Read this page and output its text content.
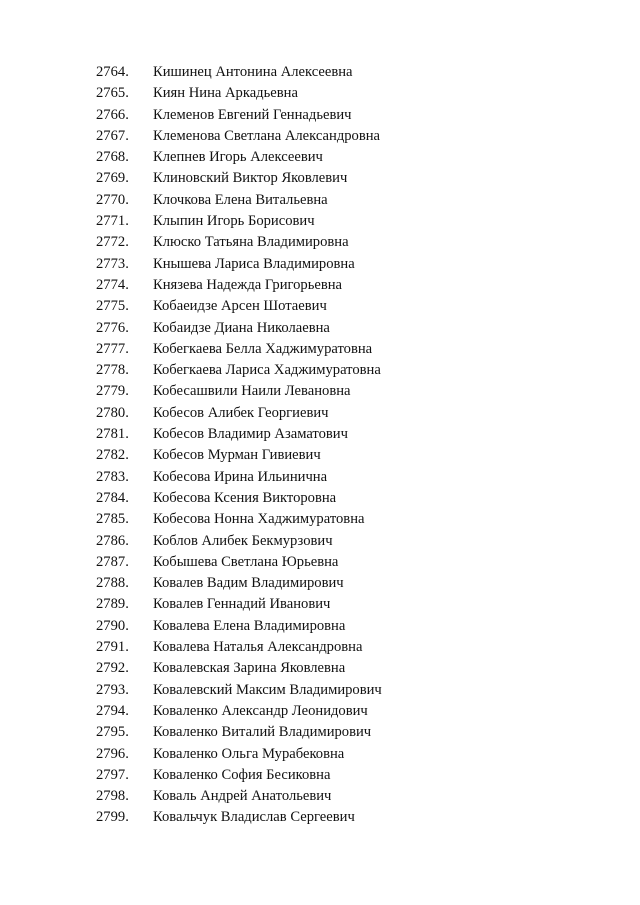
2764.	Кишинец Антонина Алексеевна
2765.	Киян Нина Аркадьевна
2766.	Клеменов Евгений Геннадьевич
2767.	Клеменова Светлана Александровна
2768.	Клепнев Игорь Алексеевич
2769.	Клиновский Виктор Яковлевич
2770.	Клочкова Елена Витальевна
2771.	Клыпин Игорь Борисович
2772.	Клюско Татьяна Владимировна
2773.	Кнышева Лариса Владимировна
2774.	Князева Надежда Григорьевна
2775.	Кобаеидзе Арсен Шотаевич
2776.	Кобаидзе Диана Николаевна
2777.	Кобегкаева Белла Хаджимуратовна
2778.	Кобегкаева Лариса Хаджимуратовна
2779.	Кобесашвили Наили Левановна
2780.	Кобесов Алибек Георгиевич
2781.	Кобесов Владимир Азаматович
2782.	Кобесов Мурман Гивиевич
2783.	Кобесова Ирина Ильинична
2784.	Кобесова Ксения Викторовна
2785.	Кобесова Нонна Хаджимуратовна
2786.	Коблов Алибек Бекмурзович
2787.	Кобышева Светлана Юрьевна
2788.	Ковалев Вадим Владимирович
2789.	Ковалев Геннадий Иванович
2790.	Ковалева Елена Владимировна
2791.	Ковалева Наталья Александровна
2792.	Ковалевская Зарина Яковлевна
2793.	Ковалевский Максим Владимирович
2794.	Коваленко Александр Леонидович
2795.	Коваленко Виталий Владимирович
2796.	Коваленко Ольга Мурабековна
2797.	Коваленко София Бесиковна
2798.	Коваль Андрей Анатольевич
2799.	Ковальчук Владислав Сергеевич
